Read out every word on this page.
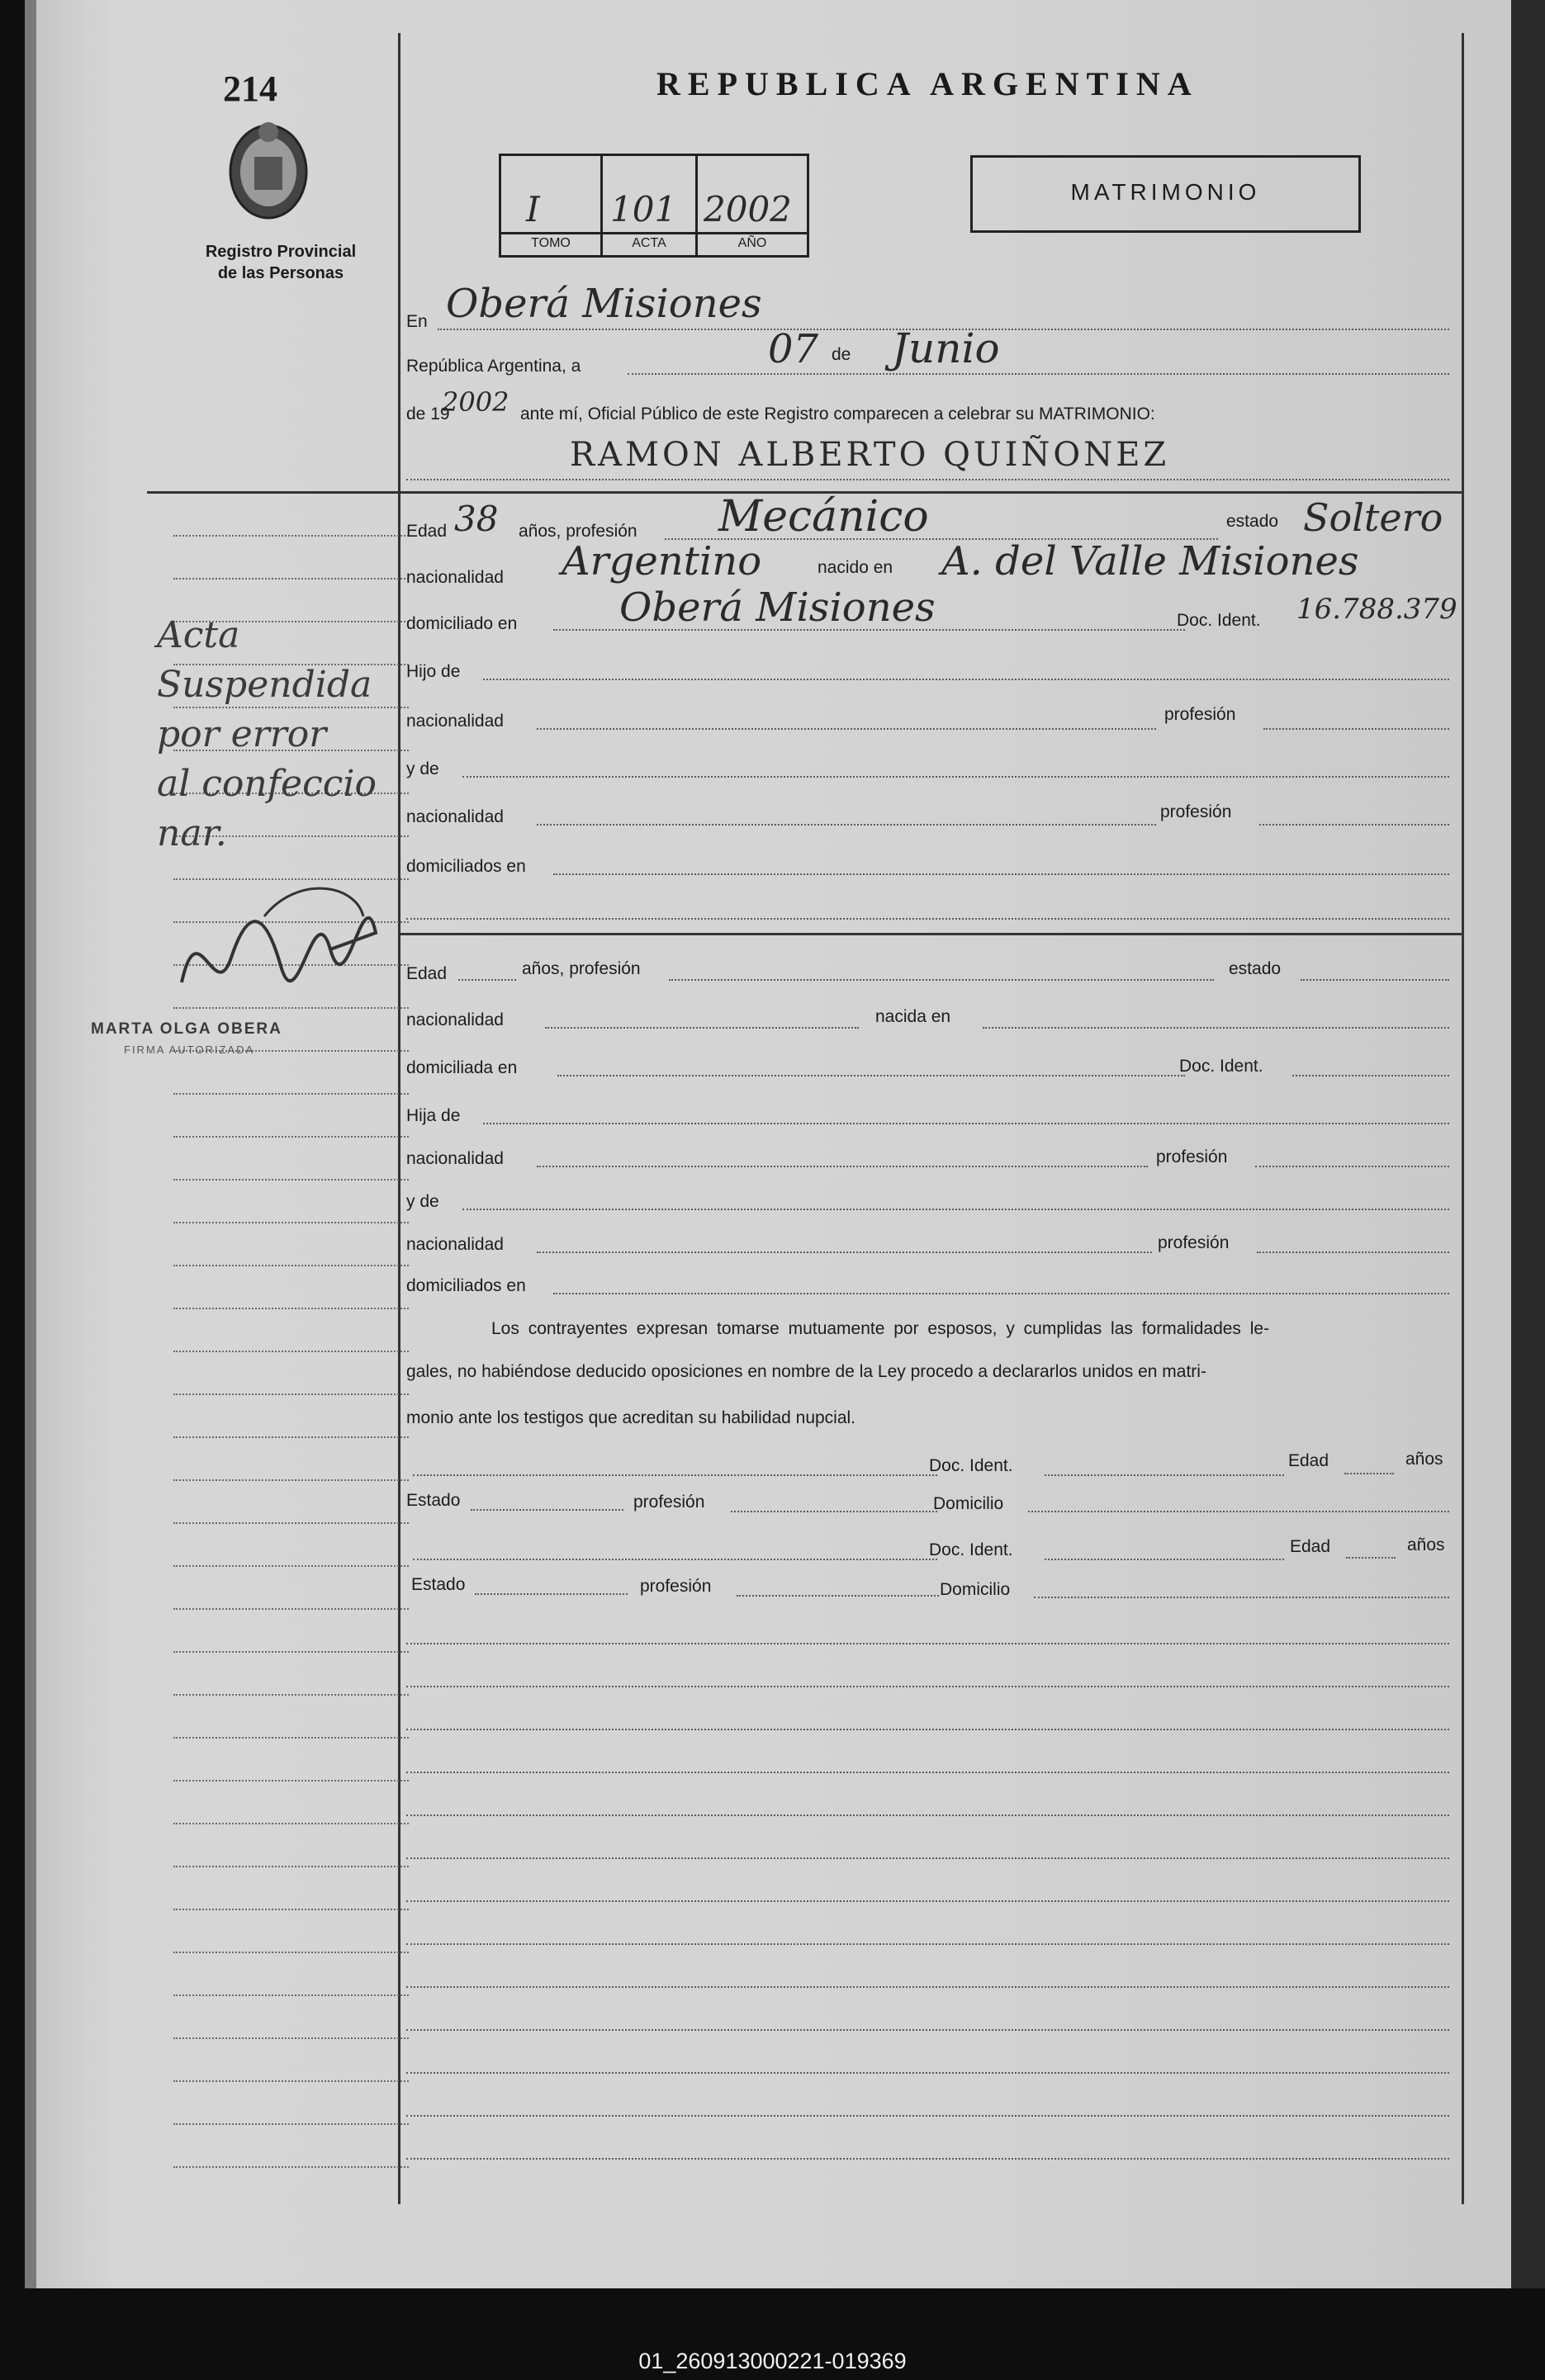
214
Registro Provincial
de las Personas
Acta
Suspendida
por error
al confeccio
nar.
MARTA OLGA OBERA
FIRMA AUTORIZADA
REPUBLICA ARGENTINA
MATRIMONIO
I 101 2002
TOMO	ACTA	AÑO
En Oberá Misiones
República Argentina, a	07 de Junio
de 19
2002 ante mí, Oficial Público de este Registro comparecen a celebrar su MATRIMONIO:
RAMON ALBERTO QUIÑONEZ
Edad 38 años, profesión Mecánico	estado Soltero
nacionalidad Argentino	nacido en A. del Valle Misiones
domiciliado en	Oberá Misiones	Doc. Ident. 16.788.379
Hijo de
nacionalidad	profesión
y de
nacionalidad	profesión
domiciliados en
Edad	años, profesión	estado
nacionalidad	nacida en
domiciliada en	Doc. Ident.
Hija de
nacionalidad	profesión
y de
nacionalidad	profesión
domiciliados en
Los contrayentes expresan tomarse mutuamente por esposos, y cumplidas las formalidades le-
gales, no habiéndose deducido oposiciones en nombre de la Ley procedo a declararlos unidos en matri-
monio ante los testigos que acreditan su habilidad nupcial.
Doc. Ident.	Edad	años
Estado	profesión	Domicilio
Doc. Ident.	Edad	años
Estado	profesión	Domicilio
01_260913000221-019369
